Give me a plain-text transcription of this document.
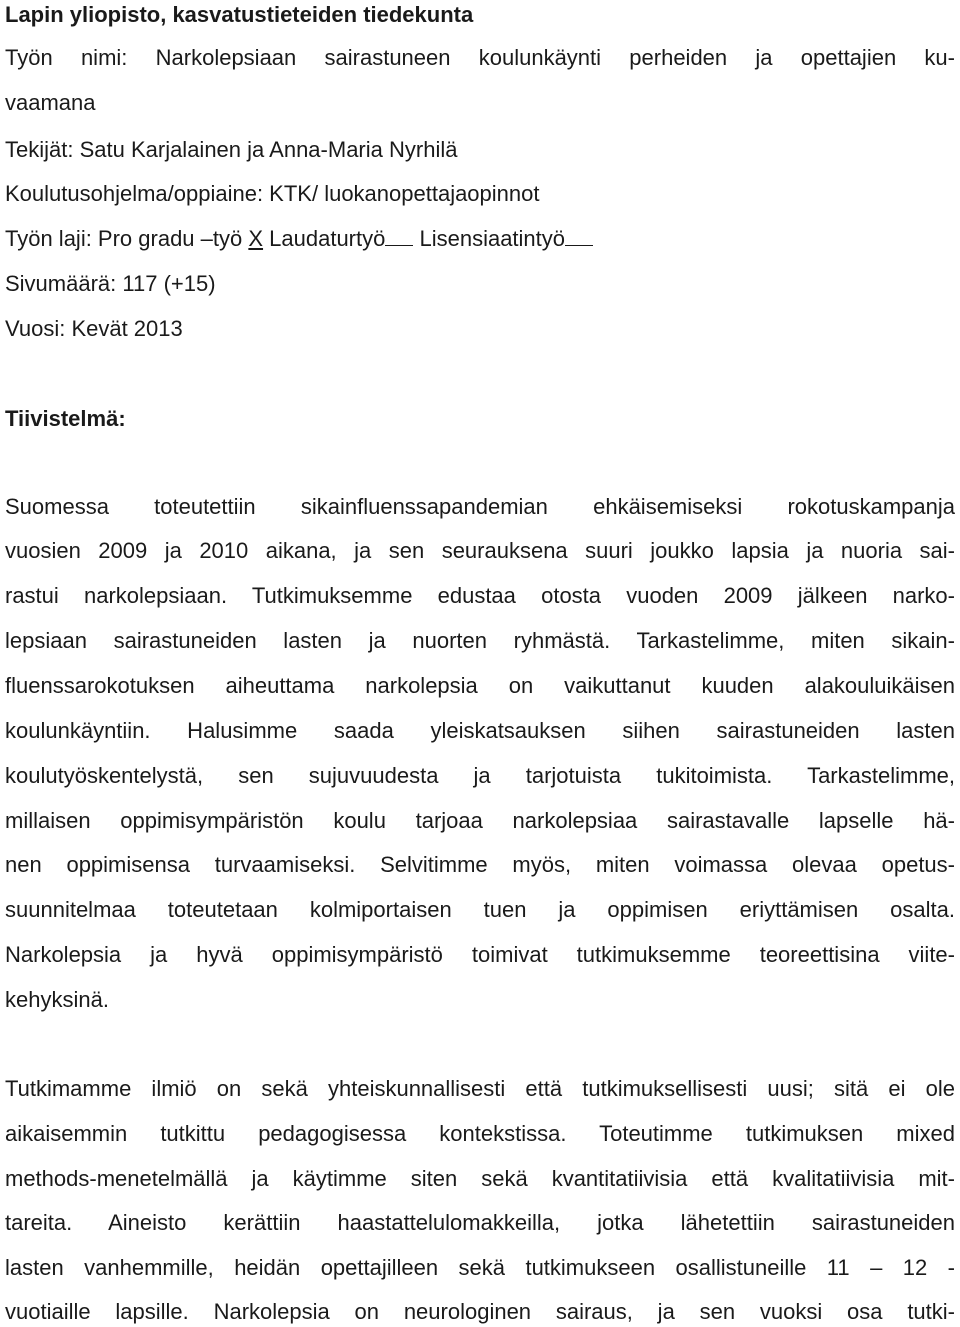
Lapin yliopisto, kasvatustieteiden tiedekunta
Työn nimi: Narkolepsiaan sairastuneen koulunkäynti perheiden ja opettajien ku-
vaamana
Tekijät: Satu Karjalainen ja Anna-Maria Nyrhilä
Koulutusohjelma/oppiaine: KTK/ luokanopettajaopinnot
Työn laji: Pro gradu –työ X Laudaturtyö Lisensiaatintyö
Sivumäärä: 117 (+15)
Vuosi: Kevät 2013
Tiivistelmä:
Suomessa toteutettiin sikainfluenssapandemian ehkäisemiseksi rokotuskampanja
vuosien 2009 ja 2010 aikana, ja sen seurauksena suuri joukko lapsia ja nuoria sai-
rastui narkolepsiaan. Tutkimuksemme edustaa otosta vuoden 2009 jälkeen narko-
lepsiaan sairastuneiden lasten ja nuorten ryhmästä. Tarkastelimme, miten sikain-
fluenssarokotuksen aiheuttama narkolepsia on vaikuttanut kuuden alakouluikäisen
koulunkäyntiin. Halusimme saada yleiskatsauksen siihen sairastuneiden lasten
koulutyöskentelystä, sen sujuvuudesta ja tarjotuista tukitoimista. Tarkastelimme,
millaisen oppimisympäristön koulu tarjoaa narkolepsiaa sairastavalle lapselle hä-
nen oppimisensa turvaamiseksi. Selvitimme myös, miten voimassa olevaa opetus-
suunnitelmaa toteutetaan kolmiportaisen tuen ja oppimisen eriyttämisen osalta.
Narkolepsia ja hyvä oppimisympäristö toimivat tutkimuksemme teoreettisina viite-
kehyksinä.
Tutkimamme ilmiö on sekä yhteiskunnallisesti että tutkimuksellisesti uusi; sitä ei ole
aikaisemmin tutkittu pedagogisessa kontekstissa. Toteutimme tutkimuksen mixed
methods-menetelmällä ja käytimme siten sekä kvantitatiivisia että kvalitatiivisia mit-
tareita. Aineisto kerättiin haastattelulomakkeilla, jotka lähetettiin sairastuneiden
lasten vanhemmille, heidän opettajilleen sekä tutkimukseen osallistuneille 11 – 12 -
vuotiaille lapsille. Narkolepsia on neurologinen sairaus, ja sen vuoksi osa tutki-
